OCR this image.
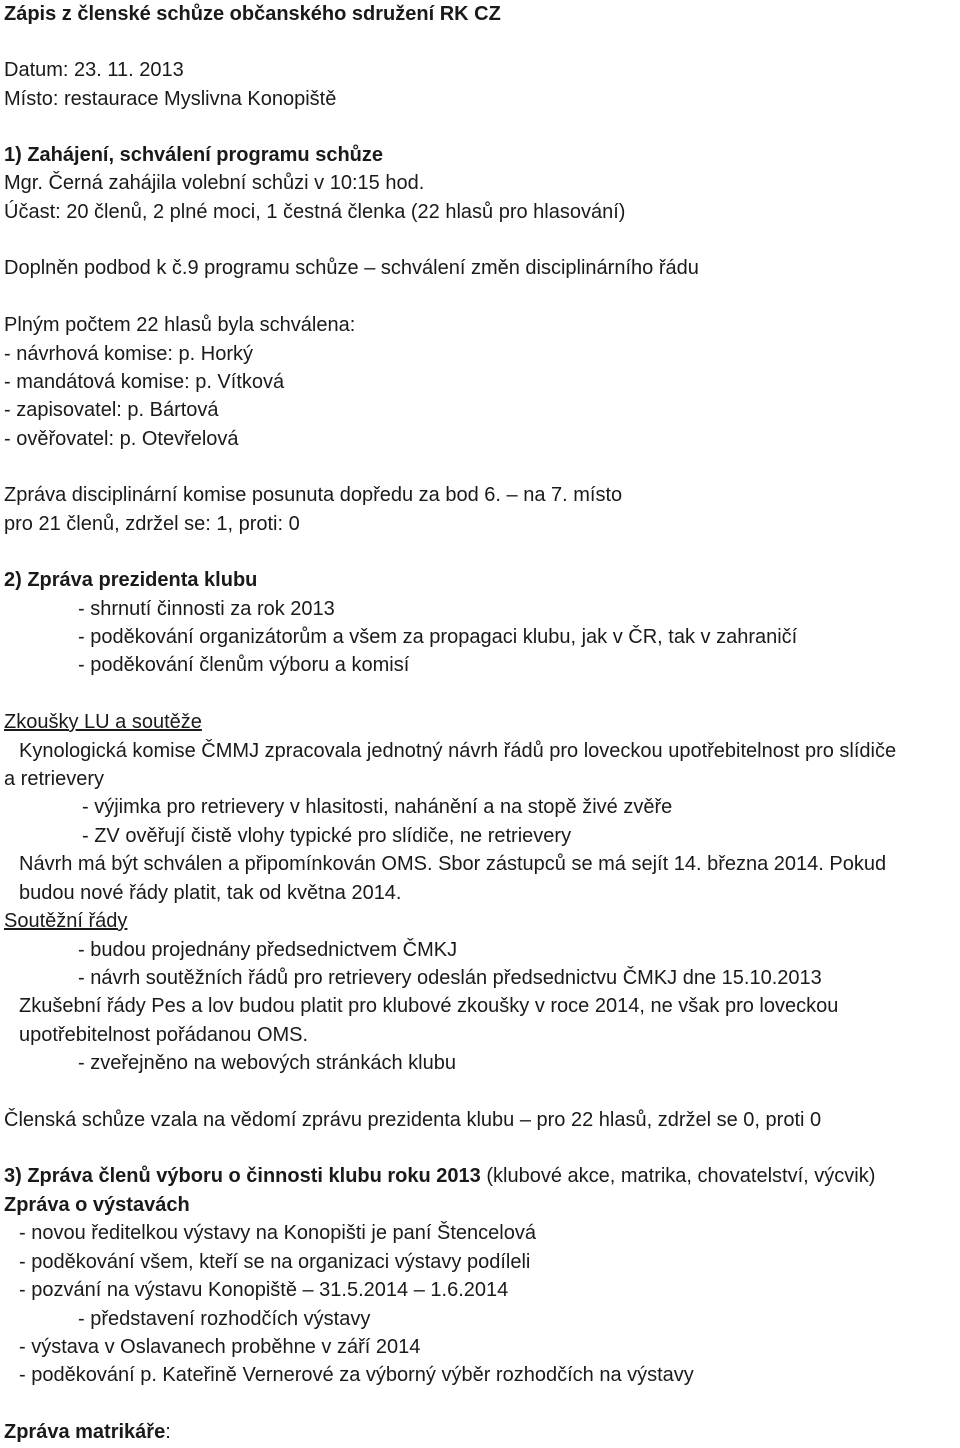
Zápis z členské schůze občanského sdružení RK CZ
Datum: 23. 11. 2013
Místo: restaurace Myslivna Konopiště
1) Zahájení, schválení programu schůze
Mgr. Černá zahájila volební schůzi v 10:15 hod.
Účast: 20 členů, 2 plné moci, 1 čestná členka (22 hlasů pro hlasování)
Doplněn podbod k č.9 programu schůze – schválení změn disciplinárního řádu
Plným počtem 22 hlasů byla schválena:
- návrhová komise: p. Horký
- mandátová komise: p. Vítková
- zapisovatel: p. Bártová
- ověřovatel: p. Otevřelová
Zpráva disciplinární komise posunuta dopředu za bod 6. – na 7. místo
pro 21 členů, zdržel se: 1, proti: 0
2) Zpráva prezidenta klubu
- shrnutí činnosti za rok 2013
- poděkování organizátorům a všem za propagaci klubu, jak v ČR, tak v zahraničí
- poděkování členům výboru a komisí
Zkoušky LU a soutěže
Kynologická komise ČMMJ zpracovala jednotný návrh řádů pro loveckou upotřebitelnost pro slídiče
a retrievery
- výjimka pro retrievery v hlasitosti, nahánění a na stopě živé zvěře
- ZV ověřují čistě vlohy typické pro slídiče, ne retrievery
Návrh má být schválen a připomínkován OMS. Sbor zástupců se má sejít 14. března 2014. Pokud
budou nové řády platit, tak od května 2014.
Soutěžní řády
- budou projednány předsednictvem ČMKJ
- návrh soutěžních řádů pro retrievery odeslán předsednictvu ČMKJ dne 15.10.2013
Zkušební řády Pes a lov budou platit pro klubové zkoušky v roce 2014, ne však pro loveckou
upotřebitelnost pořádanou OMS.
- zveřejněno na webových stránkách klubu
Členská schůze vzala na vědomí zprávu prezidenta klubu – pro 22 hlasů, zdržel se 0, proti 0
3) Zpráva členů výboru o činnosti klubu roku 2013 (klubové akce, matrika, chovatelství, výcvik)
Zpráva o výstavách
- novou ředitelkou výstavy na Konopišti je paní Štencelová
- poděkování všem, kteří se na organizaci výstavy podíleli
- pozvání na výstavu Konopiště – 31.5.2014 – 1.6.2014
- představení rozhodčích výstavy
- výstava v Oslavanech proběhne v září 2014
- poděkování p. Kateřině Vernerové za výborný výběr rozhodčích na výstavy
Zpráva matrikáře:
